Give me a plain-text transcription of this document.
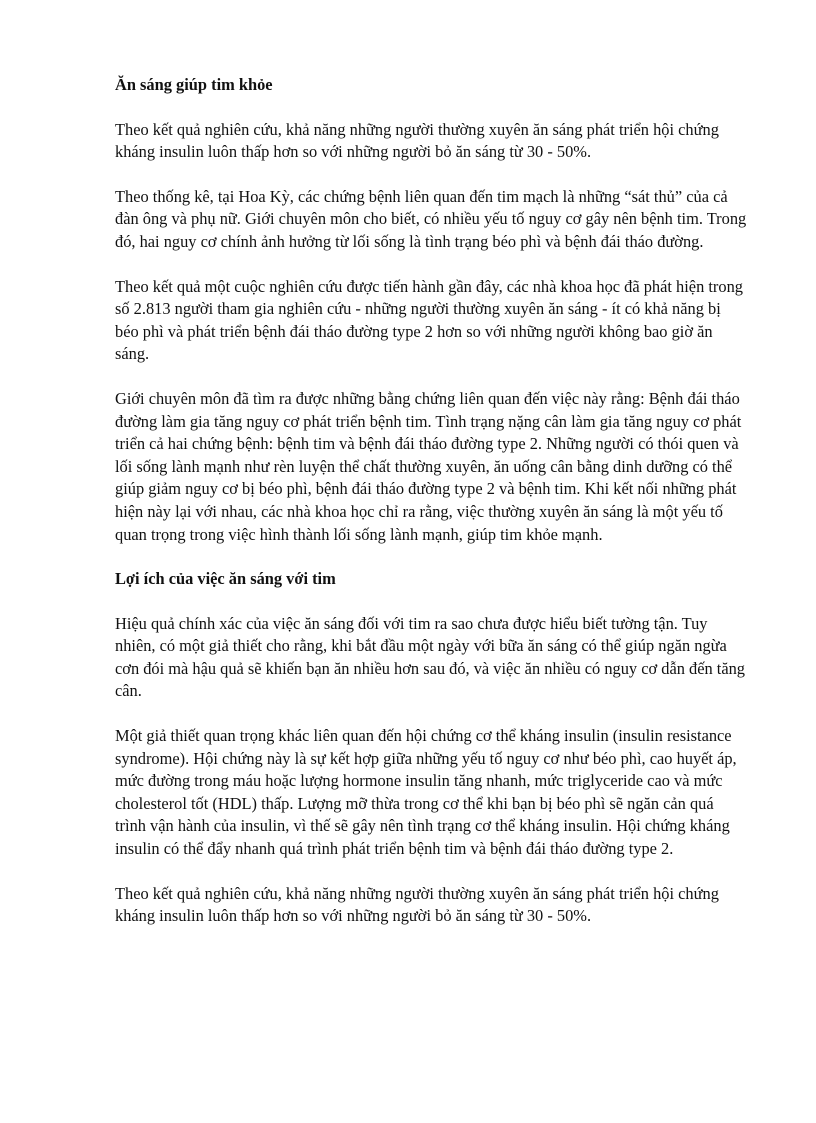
Ăn sáng giúp tim khỏe
Theo kết quả nghiên cứu, khả năng những người thường xuyên ăn sáng phát triển hội chứng kháng insulin luôn thấp hơn so với những người bỏ ăn sáng từ 30 - 50%.
Theo thống kê, tại Hoa Kỳ, các chứng bệnh liên quan đến tim mạch là những “sát thủ” của cả đàn ông và phụ nữ. Giới chuyên môn cho biết, có nhiều yếu tố nguy cơ gây nên bệnh tim. Trong đó, hai nguy cơ chính ảnh hưởng từ lối sống là tình trạng béo phì và bệnh đái tháo đường.
Theo kết quả một cuộc nghiên cứu được tiến hành gần đây, các nhà khoa học đã phát hiện trong số 2.813 người tham gia nghiên cứu - những người thường xuyên ăn sáng - ít có khả năng bị béo phì và phát triển bệnh đái tháo đường type 2 hơn so với những người không bao giờ ăn sáng.
Giới chuyên môn đã tìm ra được những bằng chứng liên quan đến việc này rằng: Bệnh đái tháo đường làm gia tăng nguy cơ phát triển bệnh tim. Tình trạng nặng cân làm gia tăng nguy cơ phát triển cả hai chứng bệnh: bệnh tim và bệnh đái tháo đường type 2. Những người có thói quen và lối sống lành mạnh như rèn luyện thể chất thường xuyên, ăn uống cân bằng dinh dưỡng có thể giúp giảm nguy cơ bị béo phì, bệnh đái tháo đường type 2 và bệnh tim. Khi kết nối những phát hiện này lại với nhau, các nhà khoa học chỉ ra rằng, việc thường xuyên ăn sáng là một yếu tố quan trọng trong việc hình thành lối sống lành mạnh, giúp tim khỏe mạnh.
Lợi ích của việc ăn sáng với tim
Hiệu quả chính xác của việc ăn sáng đối với tim ra sao chưa được hiểu biết tường tận. Tuy nhiên, có một giả thiết cho rằng, khi bắt đầu một ngày với bữa ăn sáng có thể giúp ngăn ngừa cơn đói mà hậu quả sẽ khiến bạn ăn nhiều hơn sau đó, và việc ăn nhiều có nguy cơ dẫn đến tăng cân.
Một giả thiết quan trọng khác liên quan đến hội chứng cơ thể kháng insulin (insulin resistance syndrome). Hội chứng này là sự kết hợp giữa những yếu tố nguy cơ như béo phì, cao huyết áp, mức đường trong máu hoặc lượng hormone insulin tăng nhanh, mức triglyceride cao và mức cholesterol tốt (HDL) thấp. Lượng mỡ thừa trong cơ thể khi bạn bị béo phì sẽ ngăn cản quá trình vận hành của insulin, vì thế sẽ gây nên tình trạng cơ thể kháng insulin. Hội chứng kháng insulin có thể đẩy nhanh quá trình phát triển bệnh tim và bệnh đái tháo đường type 2.
Theo kết quả nghiên cứu, khả năng những người thường xuyên ăn sáng phát triển hội chứng kháng insulin luôn thấp hơn so với những người bỏ ăn sáng từ 30 - 50%.
